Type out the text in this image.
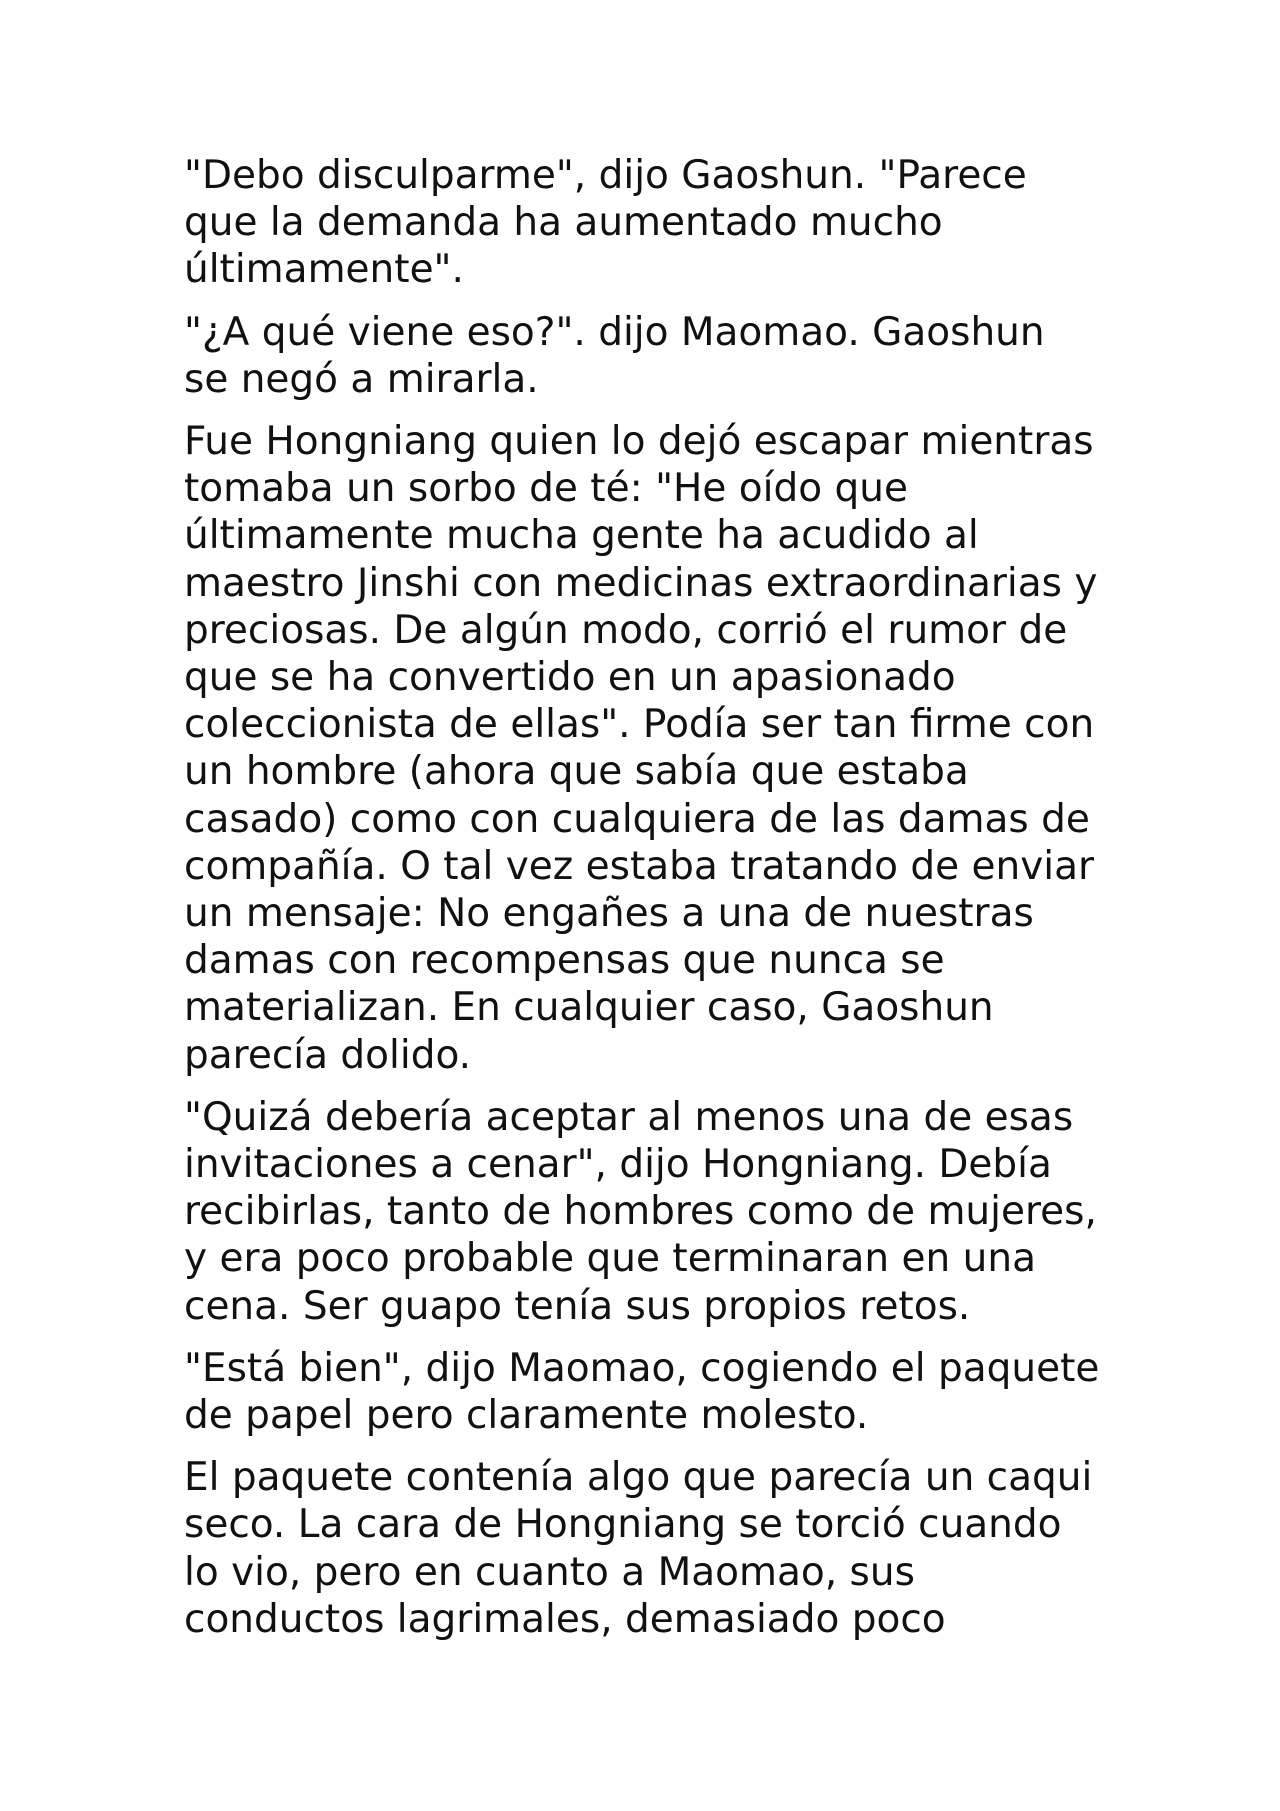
"Debo disculparme", dijo Gaoshun. "Parece
que la demanda ha aumentado mucho
últimamente".

"¿A qué viene eso?". dijo Maomao. Gaoshun
se negó a mirarla.

Fue Hongniang quien lo dejó escapar mientras
tomaba un sorbo de té: "He oído que
últimamente mucha gente ha acudido al
maestro Jinshi con medicinas extraordinarias y
preciosas. De algún modo, corrió el rumor de
que se ha convertido en un apasionado
coleccionista de ellas". Podía ser tan firme con
un hombre (ahora que sabía que estaba
casado) como con cualquiera de las damas de
compañía. O tal vez estaba tratando de enviar
un mensaje: No engañes a una de nuestras
damas con recompensas que nunca se
materializan. En cualquier caso, Gaoshun
parecía dolido.

"Quizá debería aceptar al menos una de esas
invitaciones a cenar", dijo Hongniang. Debía
recibirlas, tanto de hombres como de mujeres,
y era poco probable que terminaran en una
cena. Ser guapo tenía sus propios retos.

"Está bien", dijo Maomao, cogiendo el paquete
de papel pero claramente molesto.

El paquete contenía algo que parecía un caqui
seco. La cara de Hongniang se torció cuando
lo vio, pero en cuanto a Maomao, sus
conductos lagrimales, demasiado poco
